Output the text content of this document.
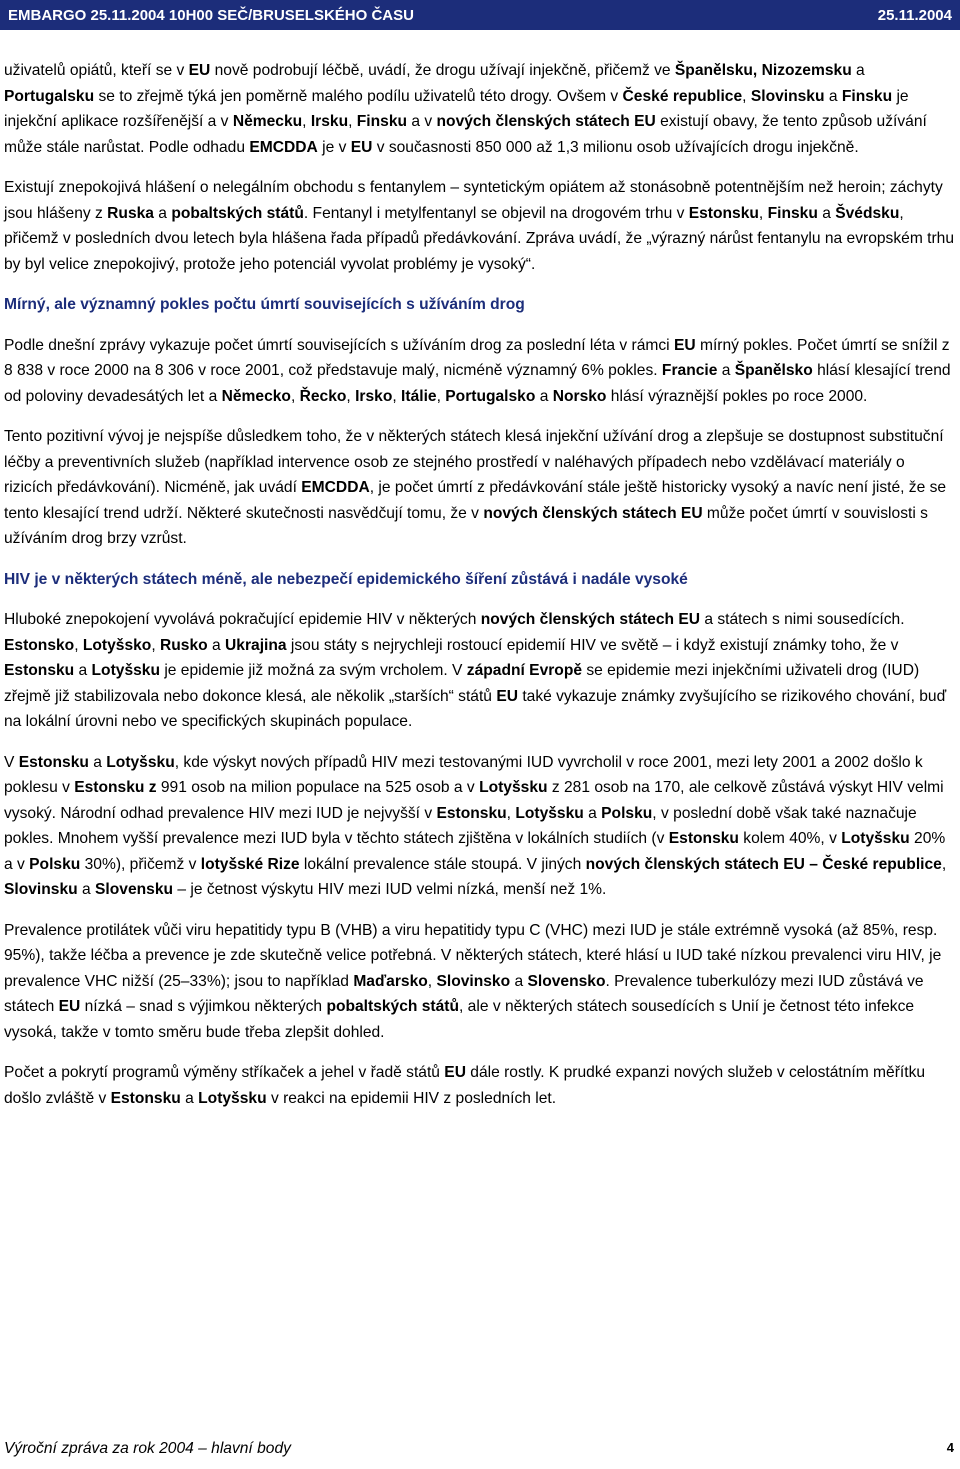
EMBARGO 25.11.2004 10H00 SEČ/BRUSELSKÉHO ČASU	25.11.2004

uživatelů opiátů, kteří se v EU nově podrobují léčbě, uvádí, že drogu užívají injekčně, přičemž ve Španělsku, Nizozemsku a Portugalsku se to zřejmě týká jen poměrně malého podílu uživatelů této drogy. Ovšem v České republice, Slovinsku a Finsku je injekční aplikace rozšířenější a v Německu, Irsku, Finsku a v nových členských státech EU existují obavy, že tento způsob užívání může stále narůstat. Podle odhadu EMCDDA je v EU v současnosti 850 000 až 1,3 milionu osob užívajících drogu injekčně.

Existují znepokojivá hlášení o nelegálním obchodu s fentanylem – syntetickým opiátem až stonásobně potentnějším než heroin; záchyty jsou hlášeny z Ruska a pobaltských států. Fentanyl i metylfentanyl se objevil na drogovém trhu v Estonsku, Finsku a Švédsku, přičemž v posledních dvou letech byla hlášena řada případů předávkování. Zpráva uvádí, že „výrazný nárůst fentanylu na evropském trhu by byl velice znepokojivý, protože jeho potenciál vyvolat problémy je vysoký“.

Mírný, ale významný pokles počtu úmrtí souvisejících s užíváním drog

Podle dnešní zprávy vykazuje počet úmrtí souvisejících s užíváním drog za poslední léta v rámci EU mírný pokles. Počet úmrtí se snížil z 8 838 v roce 2000 na 8 306 v roce 2001, což představuje malý, nicméně významný 6% pokles. Francie a Španělsko hlásí klesající trend od poloviny devadesátých let a Německo, Řecko, Irsko, Itálie, Portugalsko a Norsko hlásí výraznější pokles po roce 2000.

Tento pozitivní vývoj je nejspíše důsledkem toho, že v některých státech klesá injekční užívání drog a zlepšuje se dostupnost substituční léčby a preventivních služeb (například intervence osob ze stejného prostředí v naléhavých případech nebo vzdělávací materiály o rizicích předávkování). Nicméně, jak uvádí EMCDDA, je počet úmrtí z předávkování stále ještě historicky vysoký a navíc není jisté, že se tento klesající trend udrží. Některé skutečnosti nasvědčují tomu, že v nových členských státech EU může počet úmrtí v souvislosti s užíváním drog brzy vzrůst.

HIV je v některých státech méně, ale nebezpečí epidemického šíření zůstává i nadále vysoké

Hluboké znepokojení vyvolává pokračující epidemie HIV v některých nových členských státech EU a státech s nimi sousedících. Estonsko, Lotyšsko, Rusko a Ukrajina jsou státy s nejrychleji rostoucí epidemií HIV ve světě – i když existují známky toho, že v Estonsku a Lotyšsku je epidemie již možná za svým vrcholem. V západní Evropě se epidemie mezi injekčními uživateli drog (IUD) zřejmě již stabilizovala nebo dokonce klesá, ale několik „starších“ států EU také vykazuje známky zvyšujícího se rizikového chování, buď na lokální úrovni nebo ve specifických skupinách populace.

V Estonsku a Lotyšsku, kde výskyt nových případů HIV mezi testovanými IUD vyvrcholil v roce 2001, mezi lety 2001 a 2002 došlo k poklesu v Estonsku z 991 osob na milion populace na 525 osob a v Lotyšsku z 281 osob na 170, ale celkově zůstává výskyt HIV velmi vysoký. Národní odhad prevalence HIV mezi IUD je nejvyšší v Estonsku, Lotyšsku a Polsku, v poslední době však také naznačuje pokles. Mnohem vyšší prevalence mezi IUD byla v těchto státech zjištěna v lokálních studiích (v Estonsku kolem 40%, v Lotyšsku 20% a v Polsku 30%), přičemž v lotyšské Rize lokální prevalence stále stoupá. V jiných nových členských státech EU – České republice, Slovinsku a Slovensku – je četnost výskytu HIV mezi IUD velmi nízká, menší než 1%.

Prevalence protilátek vůči viru hepatitidy typu B (VHB) a viru hepatitidy typu C (VHC) mezi IUD je stále extrémně vysoká (až 85%, resp. 95%), takže léčba a prevence je zde skutečně velice potřebná. V některých státech, které hlásí u IUD také nízkou prevalenci viru HIV, je prevalence VHC nižší (25–33%); jsou to například Maďarsko, Slovinsko a Slovensko. Prevalence tuberkulózy mezi IUD zůstává ve státech EU nízká – snad s výjimkou některých pobaltských států, ale v některých státech sousedících s Unií je četnost této infekce vysoká, takže v tomto směru bude třeba zlepšit dohled.

Počet a pokrytí programů výměny stříkaček a jehel v řadě států EU dále rostly. K prudké expanzi nových služeb v celostátním měřítku došlo zvláště v Estonsku a Lotyšsku v reakci na epidemii HIV z posledních let.

Výroční zpráva za rok 2004 – hlavní body	4
